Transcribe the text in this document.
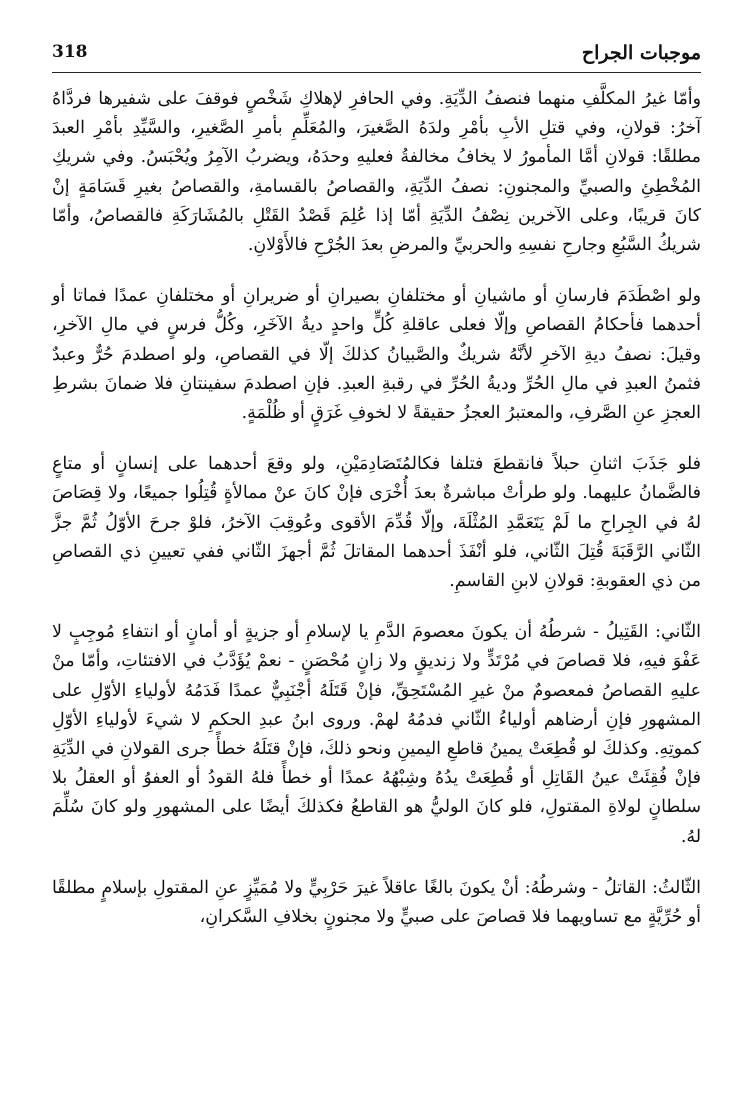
موجبات الجراح
318

وأمّا غيرُ المكلَّفِ منهما فنصفُ الدِّيَةِ. وفي الحافرِ لإهلاكِ شَخْصٍ فوقفَ على شفيرها فردَّاهُ آخرُ: قولانِ، وفي قتلِ الأبِ بأمْرِ ولدَهُ الصَّغيرَ، والمُعَلِّمِ بأمرِ الصَّغيرِ، والسَّيِّدِ بأمْرِ العبدَ مطلقًا: قولانِ أمَّا المأمورُ لا يخافُ مخالفةُ فعليهِ وحدَهُ، ويضربُ الآمِرُ ويُحْبَسُ. وفي شريكِ المُخْطِئِ والصبيِّ والمجنونِ: نصفُ الدِّيَةِ، والقصاصُ بالقسامةِ، والقصاصُ بغيرِ قَسَامَةٍ إنْ كانَ قريبًا، وعلى الآخرين نِصْفُ الدِّيَةِ أمّا إذا عُلِمَ قَصْدُ القَتْلِ بالمُشَارَكَةِ فالقصاصُ، وأمّا شريكُ السَّبُعِ وجارحِ نفسِهِ والحربيِّ والمرضِ بعدَ الجُرْحِ فالأَوْلانِ.

ولو اصْطَدَمَ فارسانِ أو ماشيانِ أو مختلفانِ بصيرانِ أو ضريرانِ أو مختلفانِ عمدًا فماتا أو أحدهما فأحكامُ القصاصِ وإلّا فعلى عاقلةِ كُلٍّ واحدٍ ديةُ الآخَرِ، وكُلُّ فرسٍ في مالِ الآخرِ، وقيلَ: نصفُ ديةِ الآخرِ لأنَّهُ شريكٌ والصَّبيانُ كذلكَ إلّا في القصاصِ، ولو اصطدمَ حُرٌّ وعبدٌ فثمنُ العبدِ في مالِ الحُرِّ وديةُ الحُرِّ في رقبةِ العبدِ. فإنِ اصطدمَ سفينتانِ فلا ضمانَ بشرطِ العجزِ عنِ الصَّرفِ، والمعتبرُ العجزُ حقيقةً لا لخوفِ غَرَقٍ أو ظُلْمَةٍ.

فلو جَذَبَ اثنانِ حبلاً فانقطعَ فتلفا فكالمُتَصَادِمَيْنِ، ولو وقعَ أحدهما على إنسانٍ أو متاعٍ فالضَّمانُ عليهما. ولو طرأتْ مباشرةٌ بعدَ أُخْرَى فإنْ كانَ عنْ ممالأةٍ قُتِلُوا جميعًا، ولا قِصَاصَ لهُ في الجِراحِ ما لَمْ يَتَعَمَّدِ المُثْلَةَ، وإلّا قُدِّمَ الأقوى وعُوقِبَ الآخرُ، فلوْ جرحَ الأوّلُ ثُمَّ جزَّ الثّاني الرَّقَبَةَ قُتِلَ الثّاني، فلو أنْفَذَ أحدهما المقاتلَ ثُمَّ أجهزَ الثّاني ففي تعيينِ ذي القصاصِ من ذي العقوبةِ: قولانِ لابنِ القاسمِ.

الثّاني: القَتِيلُ - شرطُهُ أن يكونَ معصومَ الدَّمِ يا لإسلامِ أو جزيةٍ أو أمانٍ أو انتفاءِ مُوجِبٍ لا عَفْوَ فيهِ، فلا قصاصَ في مُرْتَدٍّ ولا زنديقٍ ولا زانٍ مُحْصَنٍ - نعمْ يُؤَدَّبُ في الافتئاتِ، وأمّا منْ عليهِ القصاصُ فمعصومٌ منْ غيرِ المُسْتَحِقِّ، فإنْ قَتَلَهُ أجْنَبِيٌّ عمدًا فَدَمُهُ لأولياءِ الأوّلِ على المشهورِ فإنِ أرضاهم أولياءُ الثّاني فدمُهُ لهمْ. وروى ابنُ عبدِ الحكمِ لا شيءَ لأولياءِ الأوّلِ كموتِهِ. وكذلكَ لو قُطِعَتْ يمينُ قاطعِ اليمينِ ونحو ذلكَ، فإنْ قتَلَهُ خطأً جرى القولانِ في الدِّيَةِ فإنْ فُقِئَتْ عينُ القَاتِلِ أو قُطِعَتْ يدُهُ وشِبْهُهُ عمدًا أو خطأً فلهُ القودُ أو العفوُ أو العقلُ بلا سلطانٍ لولاةِ المقتولِ، فلو كانَ الوليُّ هو القاطعُ فكذلكَ أيضًا على المشهورِ ولو كانَ سُلِّمَ لهُ.

الثّالثُ: القاتلُ - وشرطُهُ: أنْ يكونَ بالغًا عاقلاً غيرَ حَرْبِيٍّ ولا مُمَيِّزٍ عنِ المقتولِ بإسلامٍ مطلقًا أو حُرِّيَّةٍ مع تساويهما فلا قصاصَ على صبيٍّ ولا مجنونٍ بخلافِ السَّكرانِ،
